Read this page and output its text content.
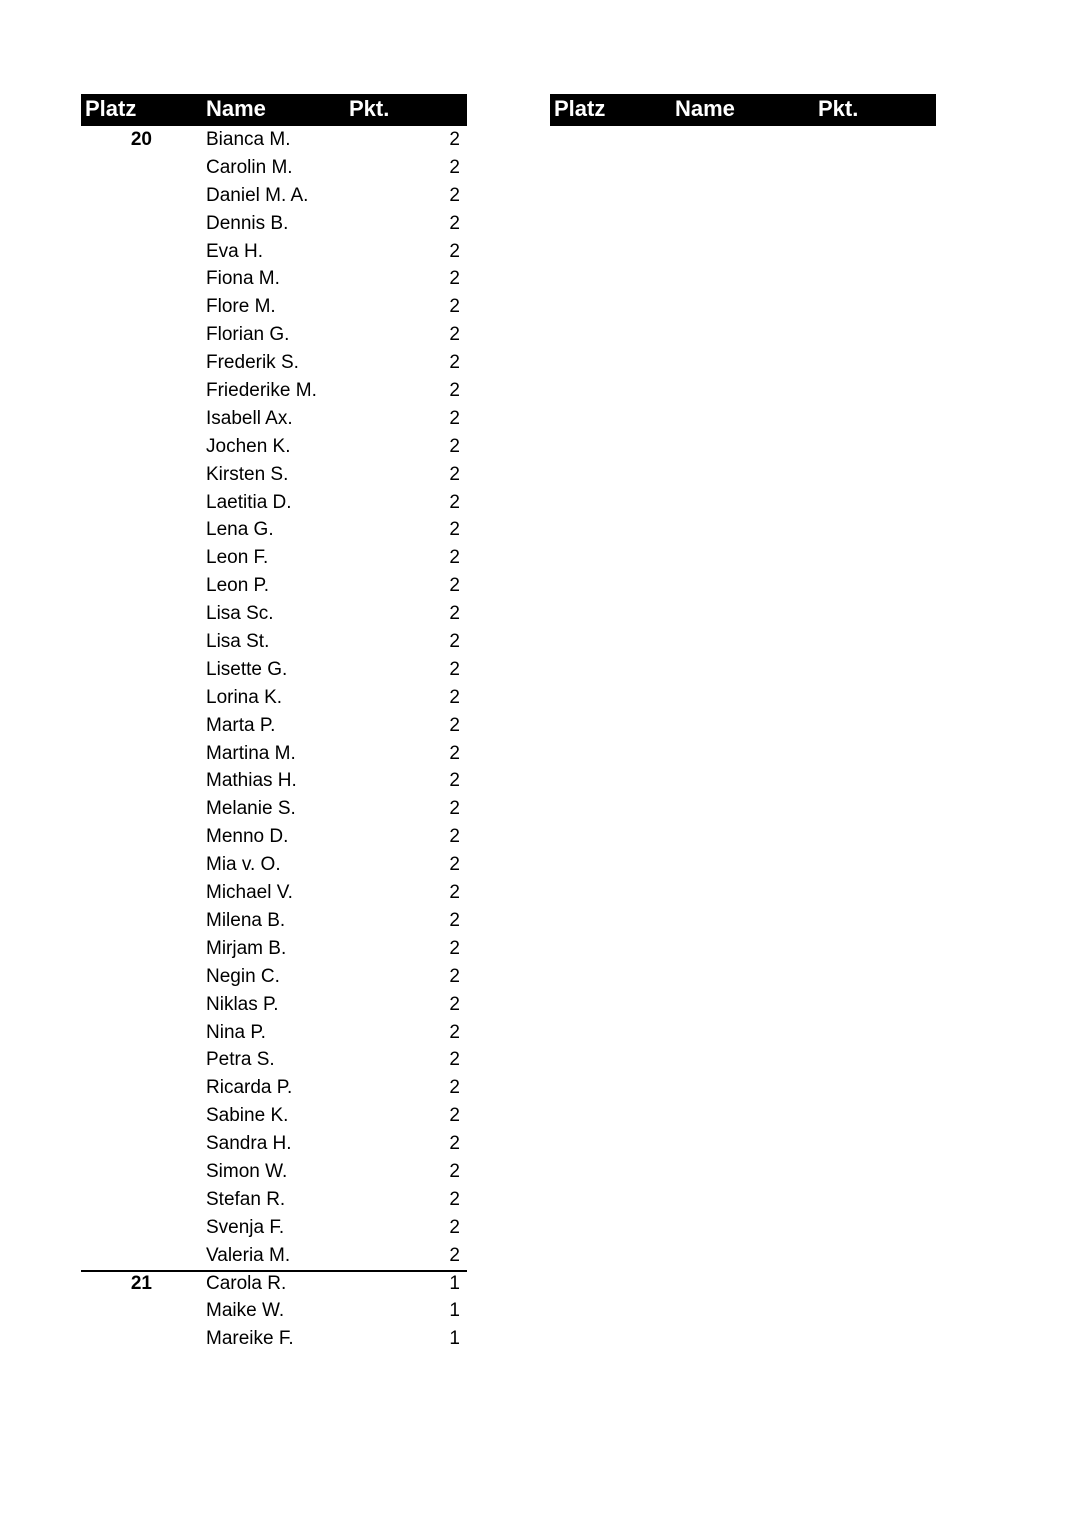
Platz	Name	Pkt.
20	Bianca M.	2
Carolin M.	2
Daniel M. A.	2
Dennis B.	2
Eva H.	2
Fiona M.	2
Flore M.	2
Florian G.	2
Frederik S.	2
Friederike M.	2
Isabell Ax.	2
Jochen K.	2
Kirsten S.	2
Laetitia D.	2
Lena G.	2
Leon F.	2
Leon P.	2
Lisa Sc.	2
Lisa St.	2
Lisette G.	2
Lorina K.	2
Marta P.	2
Martina M.	2
Mathias H.	2
Melanie S.	2
Menno D.	2
Mia v. O.	2
Michael V.	2
Milena B.	2
Mirjam B.	2
Negin C.	2
Niklas P.	2
Nina P.	2
Petra S.	2
Ricarda P.	2
Sabine K.	2
Sandra H.	2
Simon W.	2
Stefan R.	2
Svenja F.	2
Valeria M.	2
21	Carola R.	1
Maike W.	1
Mareike F.	1
Platz	Name	Pkt.
